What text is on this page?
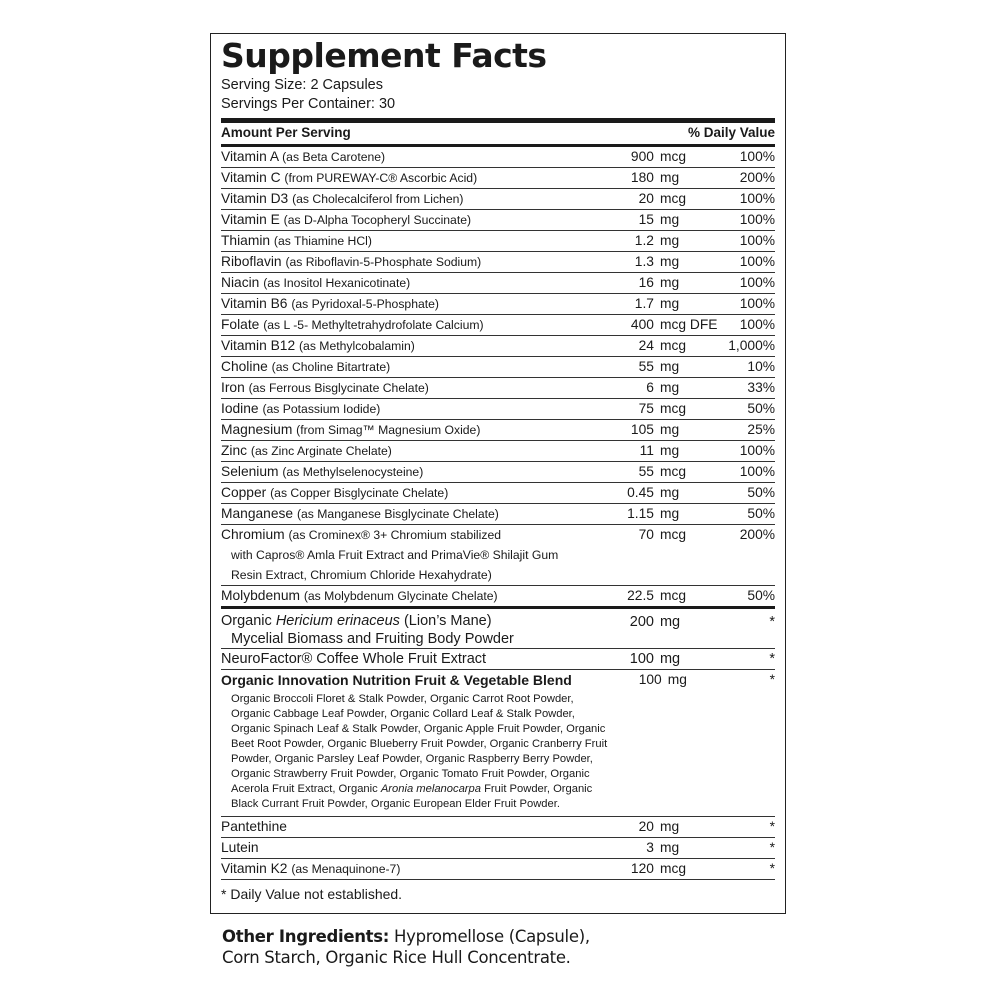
Supplement Facts
Serving Size: 2 Capsules
Servings Per Container: 30
Amount Per Serving	% Daily Value
Vitamin A (as Beta Carotene)	900 mcg	100%
Vitamin C (from PUREWAY-C® Ascorbic Acid)	180 mg	200%
Vitamin D3 (as Cholecalciferol from Lichen)	20 mcg	100%
Vitamin E (as D-Alpha Tocopheryl Succinate)	15 mg	100%
Thiamin (as Thiamine HCl)	1.2 mg	100%
Riboflavin (as Riboflavin-5-Phosphate Sodium)	1.3 mg	100%
Niacin (as Inositol Hexanicotinate)	16 mg	100%
Vitamin B6 (as Pyridoxal-5-Phosphate)	1.7 mg	100%
Folate (as L -5- Methyltetrahydrofolate Calcium)	400 mcg DFE	100%
Vitamin B12 (as Methylcobalamin)	24 mcg	1,000%
Choline (as Choline Bitartrate)	55 mg	10%
Iron (as Ferrous Bisglycinate Chelate)	6 mg	33%
Iodine (as Potassium Iodide)	75 mcg	50%
Magnesium (from Simag™ Magnesium Oxide)	105 mg	25%
Zinc (as Zinc Arginate Chelate)	11 mg	100%
Selenium (as Methylselenocysteine)	55 mcg	100%
Copper (as Copper Bisglycinate Chelate)	0.45 mg	50%
Manganese (as Manganese Bisglycinate Chelate)	1.15 mg	50%
Chromium (as Crominex® 3+ Chromium stabilized
with Capros® Amla Fruit Extract and PrimaVie® Shilajit Gum
Resin Extract, Chromium Chloride Hexahydrate)
70 mcg	200%
Molybdenum (as Molybdenum Glycinate Chelate)	22.5 mcg	50%
Organic Hericium erinaceus (Lion’s Mane)
Mycelial Biomass and Fruiting Body Powder
200 mg	*
NeuroFactor® Coffee Whole Fruit Extract	100 mg	*
Organic Innovation Nutrition Fruit & Vegetable Blend
Organic Broccoli Floret & Stalk Powder, Organic Carrot Root Powder,
Organic Cabbage Leaf Powder, Organic Collard Leaf & Stalk Powder,
Organic Spinach Leaf & Stalk Powder, Organic Apple Fruit Powder, Organic
Beet Root Powder, Organic Blueberry Fruit Powder, Organic Cranberry Fruit
Powder, Organic Parsley Leaf Powder, Organic Raspberry Berry Powder,
Organic Strawberry Fruit Powder, Organic Tomato Fruit Powder, Organic
Acerola Fruit Extract, Organic Aronia melanocarpa Fruit Powder, Organic
Black Currant Fruit Powder, Organic European Elder Fruit Powder.
100 mg	*
Pantethine	20 mg	*
Lutein	3 mg	*
Vitamin K2 (as Menaquinone-7)	120 mcg	*
* Daily Value not established.
Other Ingredients: Hypromellose (Capsule),
Corn Starch, Organic Rice Hull Concentrate.
